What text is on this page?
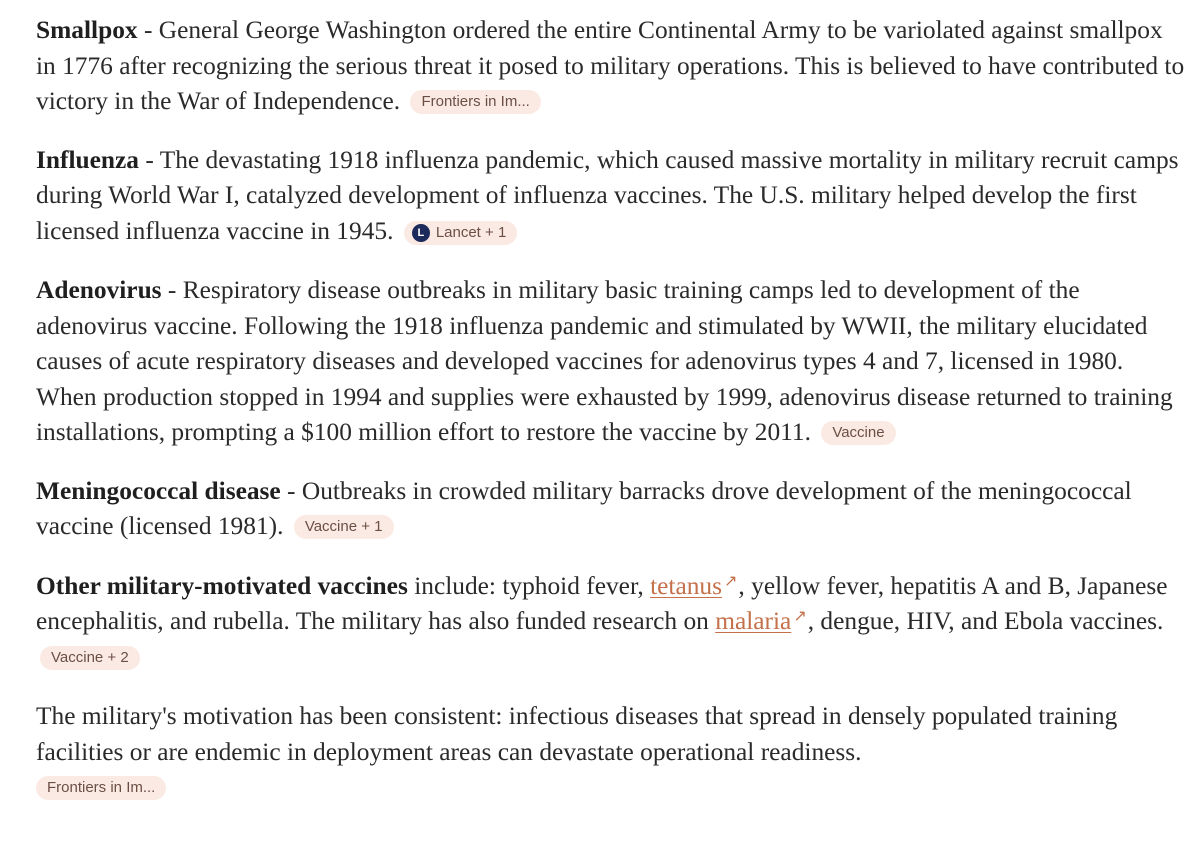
Smallpox - General George Washington ordered the entire Continental Army to be variolated against smallpox in 1776 after recognizing the serious threat it posed to military operations. This is believed to have contributed to victory in the War of Independence. Frontiers in Im...

Influenza - The devastating 1918 influenza pandemic, which caused massive mortality in military recruit camps during World War I, catalyzed development of influenza vaccines. The U.S. military helped develop the first licensed influenza vaccine in 1945.	L Lancet + 1

Adenovirus - Respiratory disease outbreaks in military basic training camps led to development of the adenovirus vaccine. Following the 1918 influenza pandemic and stimulated by WWII, the military elucidated causes of acute respiratory diseases and developed vaccines for adenovirus types 4 and 7, licensed in 1980. When production stopped in 1994 and supplies were exhausted by 1999, adenovirus disease returned to training installations, prompting a $100 million effort to restore the vaccine by 2011. Vaccine

Meningococcal disease - Outbreaks in crowded military barracks drove development of the meningococcal vaccine (licensed 1981). Vaccine + 1

Other military-motivated vaccines include: typhoid fever, tetanus ↗, yellow fever, hepatitis A and B, Japanese encephalitis, and rubella. The military has also funded research on malaria ↗, dengue, HIV, and Ebola vaccines.
Vaccine + 2

The military's motivation has been consistent: infectious diseases that spread in densely populated training facilities or are endemic in deployment areas can devastate operational readiness.

Frontiers in Im...
